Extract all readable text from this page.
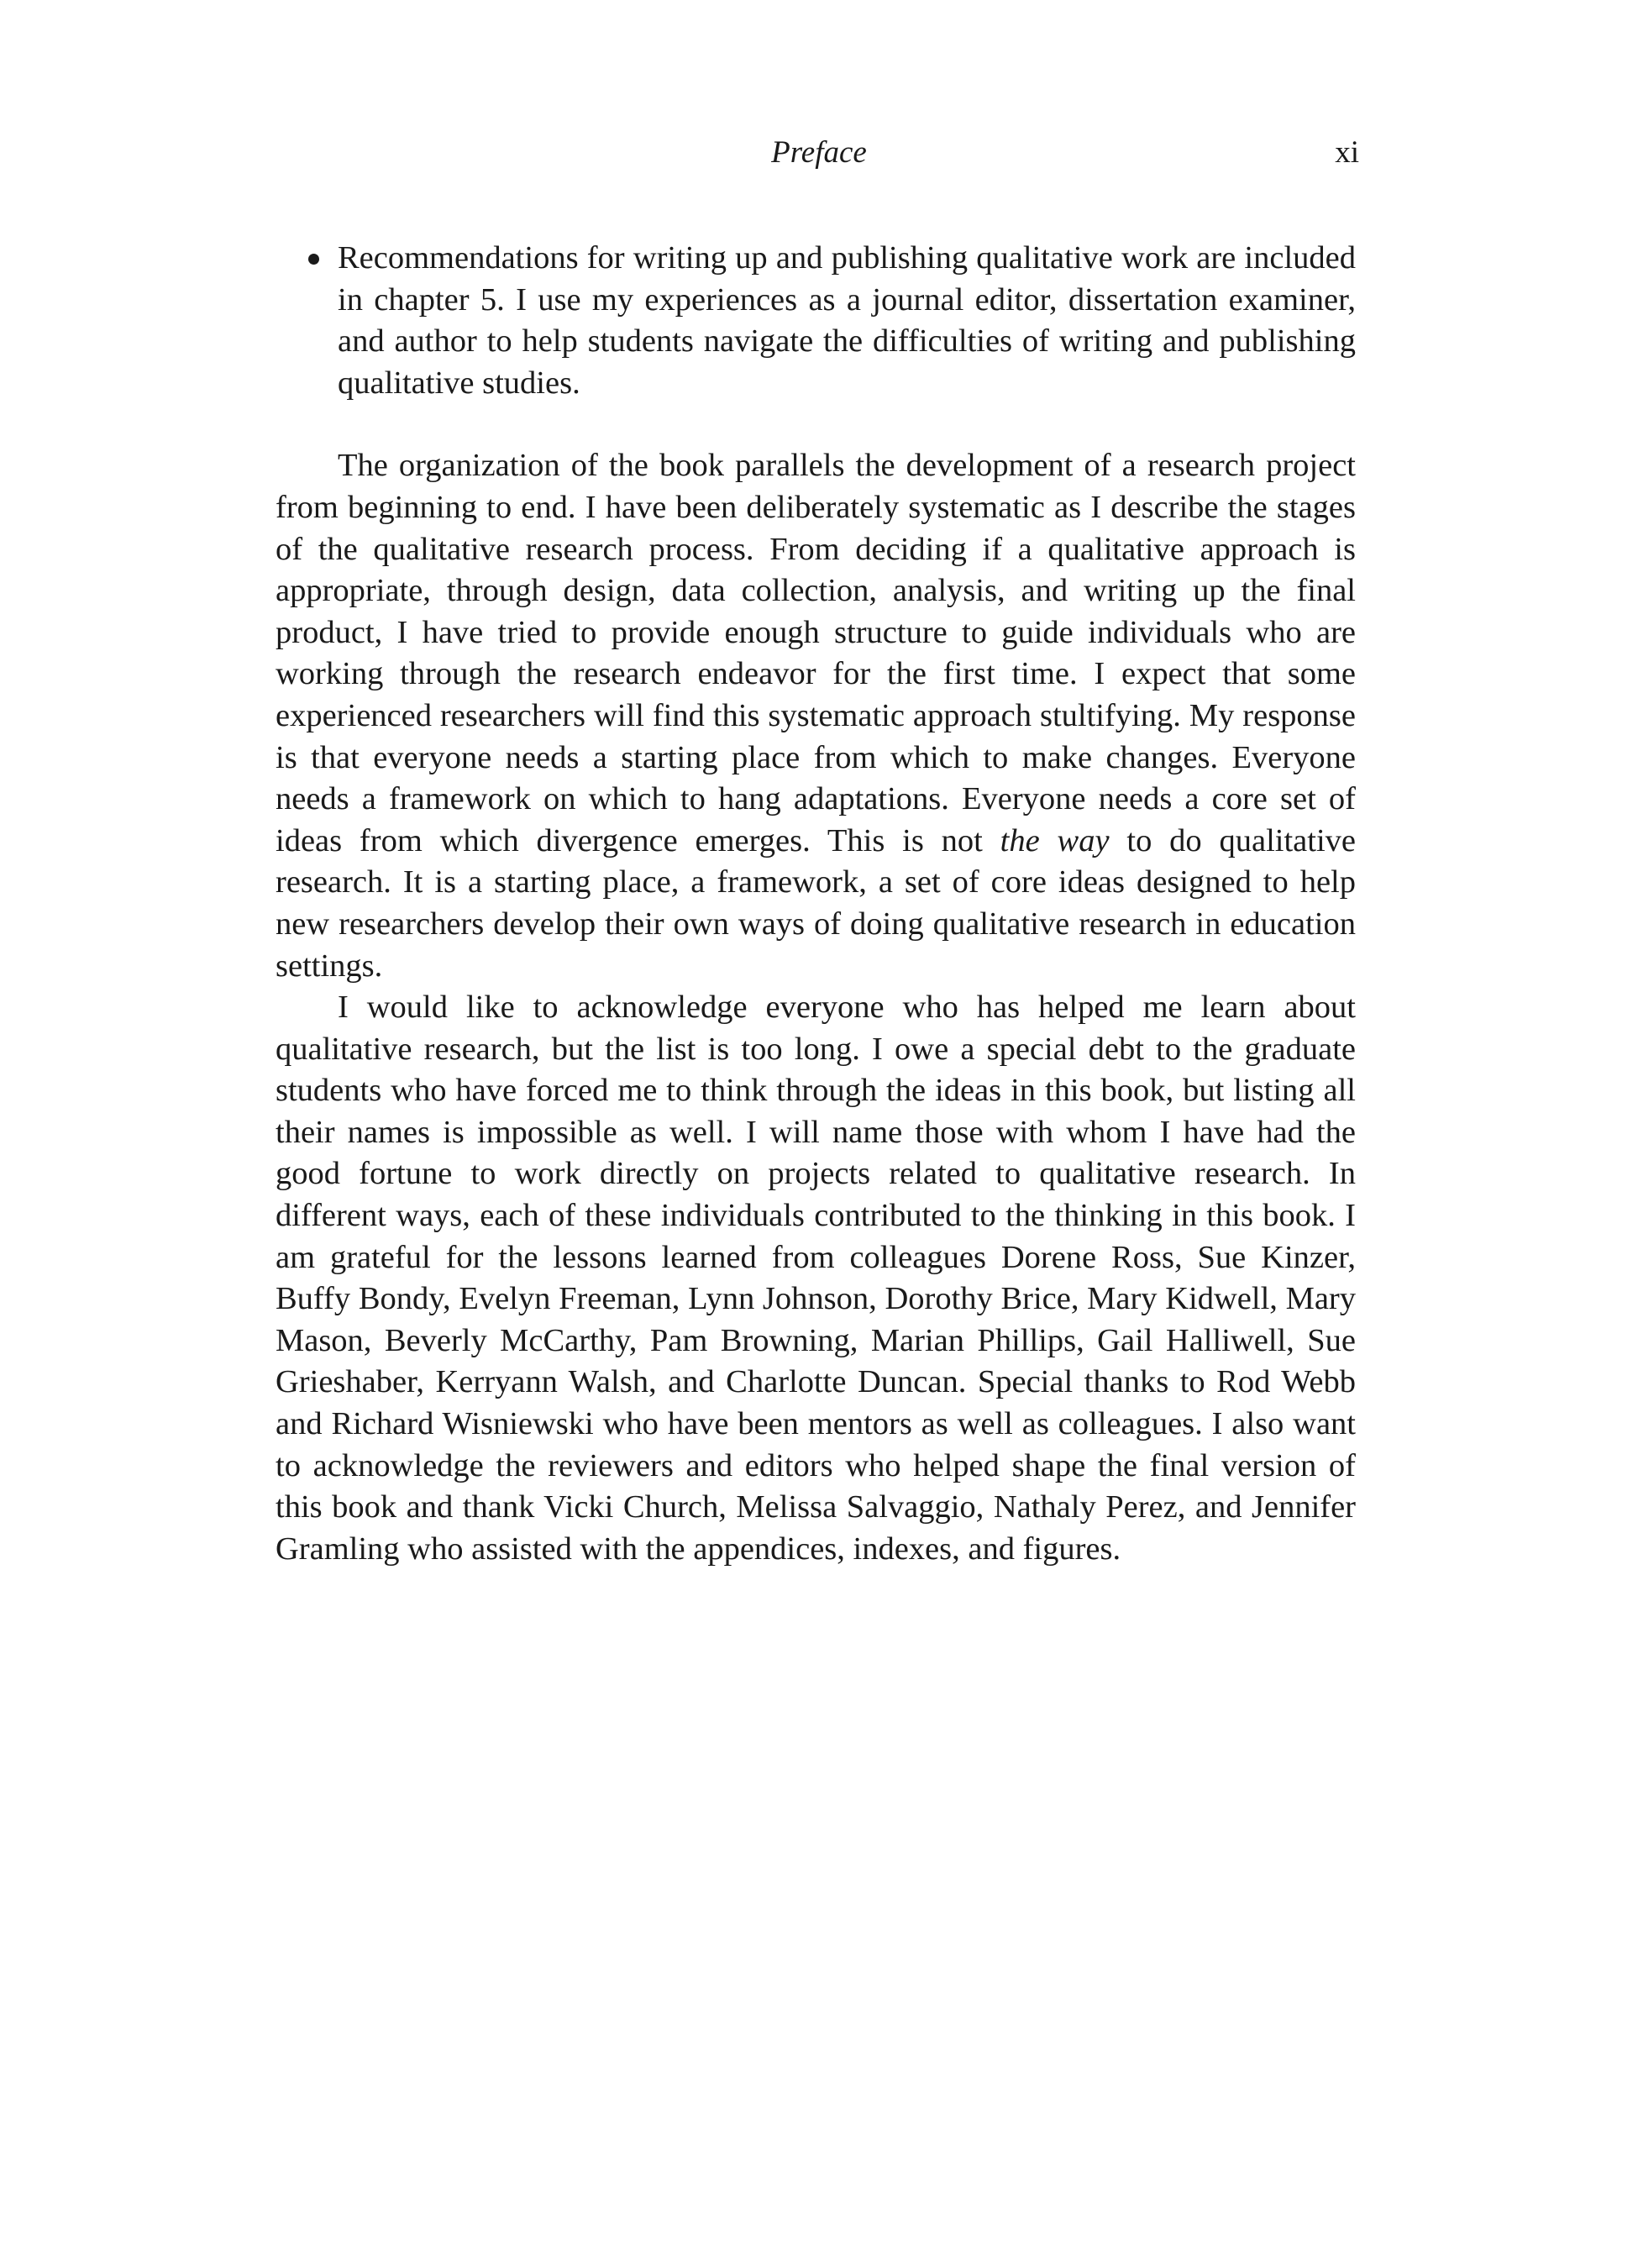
Preface	xi
Recommendations for writing up and publishing qualitative work are included in chapter 5. I use my experiences as a journal editor, dissertation examiner, and author to help students navigate the difficulties of writing and publishing qualitative studies.

The organization of the book parallels the development of a research project from beginning to end. I have been deliberately systematic as I describe the stages of the qualitative research process. From deciding if a qualitative approach is appropriate, through design, data collection, analysis, and writing up the final product, I have tried to provide enough structure to guide individuals who are working through the research endeavor for the first time. I expect that some experienced researchers will find this systematic approach stultifying. My response is that everyone needs a starting place from which to make changes. Everyone needs a framework on which to hang adaptations. Everyone needs a core set of ideas from which divergence emerges. This is not the way to do qualitative research. It is a starting place, a framework, a set of core ideas designed to help new researchers develop their own ways of doing qualitative research in education settings.

I would like to acknowledge everyone who has helped me learn about qualitative research, but the list is too long. I owe a special debt to the graduate students who have forced me to think through the ideas in this book, but listing all their names is impossible as well. I will name those with whom I have had the good fortune to work directly on projects related to qualitative research. In different ways, each of these individuals contributed to the thinking in this book. I am grateful for the lessons learned from colleagues Dorene Ross, Sue Kinzer, Buffy Bondy, Evelyn Freeman, Lynn Johnson, Dorothy Brice, Mary Kidwell, Mary Mason, Beverly McCarthy, Pam Browning, Marian Phillips, Gail Halliwell, Sue Grieshaber, Kerryann Walsh, and Charlotte Duncan. Special thanks to Rod Webb and Richard Wisniewski who have been mentors as well as colleagues. I also want to acknowledge the reviewers and editors who helped shape the final version of this book and thank Vicki Church, Melissa Salvaggio, Nathaly Perez, and Jennifer Gramling who assisted with the appendices, indexes, and figures.
